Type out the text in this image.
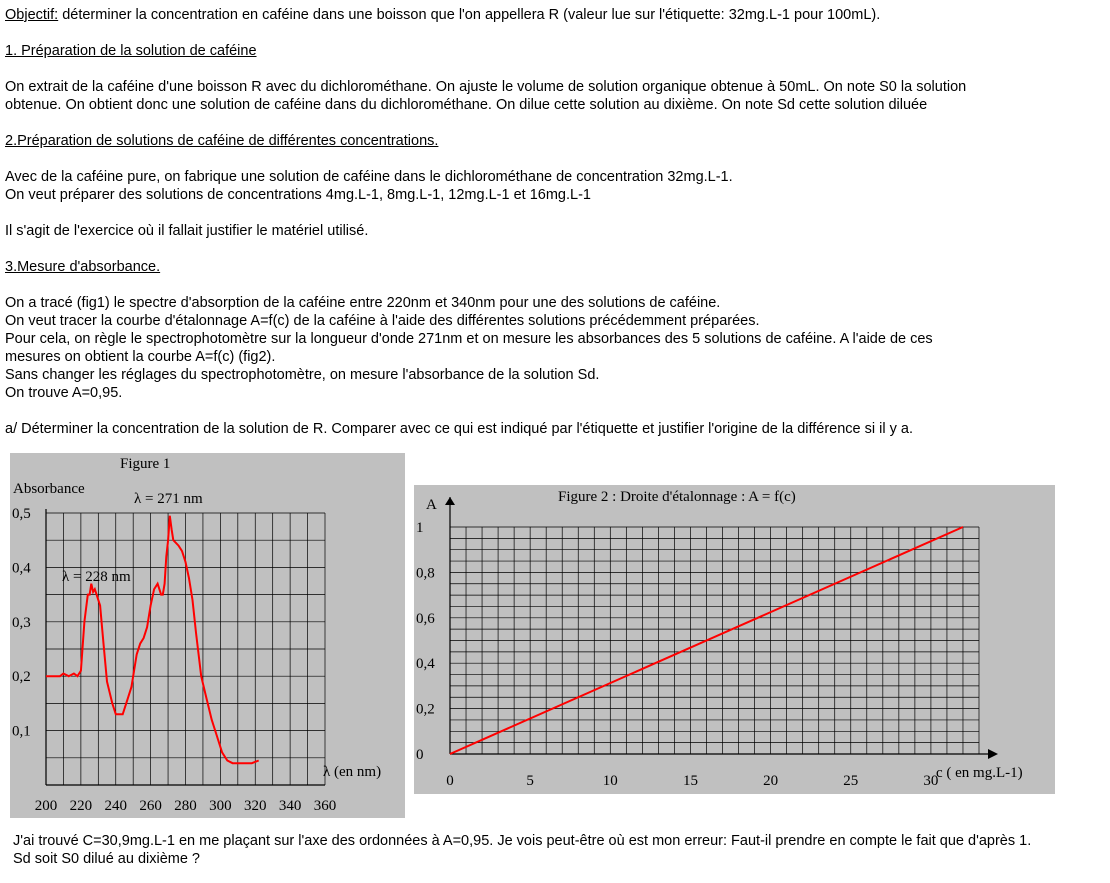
Objectif: déterminer la concentration en caféine dans une boisson que l'on appellera R (valeur lue sur l'étiquette: 32mg.L-1 pour 100mL).

1. Préparation de la solution de caféine

On extrait de la caféine d'une boisson R avec du dichlorométhane. On ajuste le volume de solution organique obtenue à 50mL. On note S0 la solution

obtenue. On obtient donc une solution de caféine dans du dichlorométhane. On dilue cette solution au dixième. On note Sd cette solution diluée

2.Préparation de solutions de caféine de différentes concentrations.

Avec de la caféine pure, on fabrique une solution de caféine dans le dichlorométhane de concentration 32mg.L-1.

On veut préparer des solutions de concentrations 4mg.L-1, 8mg.L-1, 12mg.L-1 et 16mg.L-1

Il s'agit de l'exercice où il fallait justifier le matériel utilisé.

3.Mesure d'absorbance.

On a tracé (fig1) le spectre d'absorption de la caféine entre 220nm et 340nm pour une des solutions de caféine.

On veut tracer la courbe d'étalonnage A=f(c) de la caféine à l'aide des différentes solutions précédemment préparées.

Pour cela, on règle le spectrophotomètre sur la longueur d'onde 271nm et on mesure les absorbances des 5 solutions de caféine. A l'aide de ces

mesures on obtient la courbe A=f(c) (fig2).

Sans changer les réglages du spectrophotomètre, on mesure l'absorbance de la solution Sd.

On trouve A=0,95.

a/ Déterminer la concentration de la solution de R. Comparer avec ce qui est indiqué par l'étiquette et justifier l'origine de la différence si il y a.

200 220 240 260 280 300 320 340 360
0,1
0,2
0,3
0,4
0,5
Figure 1
Absorbance
λ (en nm)
λ = 228 nm
λ = 271 nm
0	5	10	15	20	25	30
0
0,2
0,4
0,6
0,8
1
Figure 2 : Droite d'étalonnage : A = f(c)
A
c ( en mg.L-1)

J'ai trouvé C=30,9mg.L-1 en me plaçant sur l'axe des ordonnées à A=0,95. Je vois peut-être où est mon erreur: Faut-il prendre en compte le fait que d'après 1.

Sd soit S0 dilué au dixième ?
